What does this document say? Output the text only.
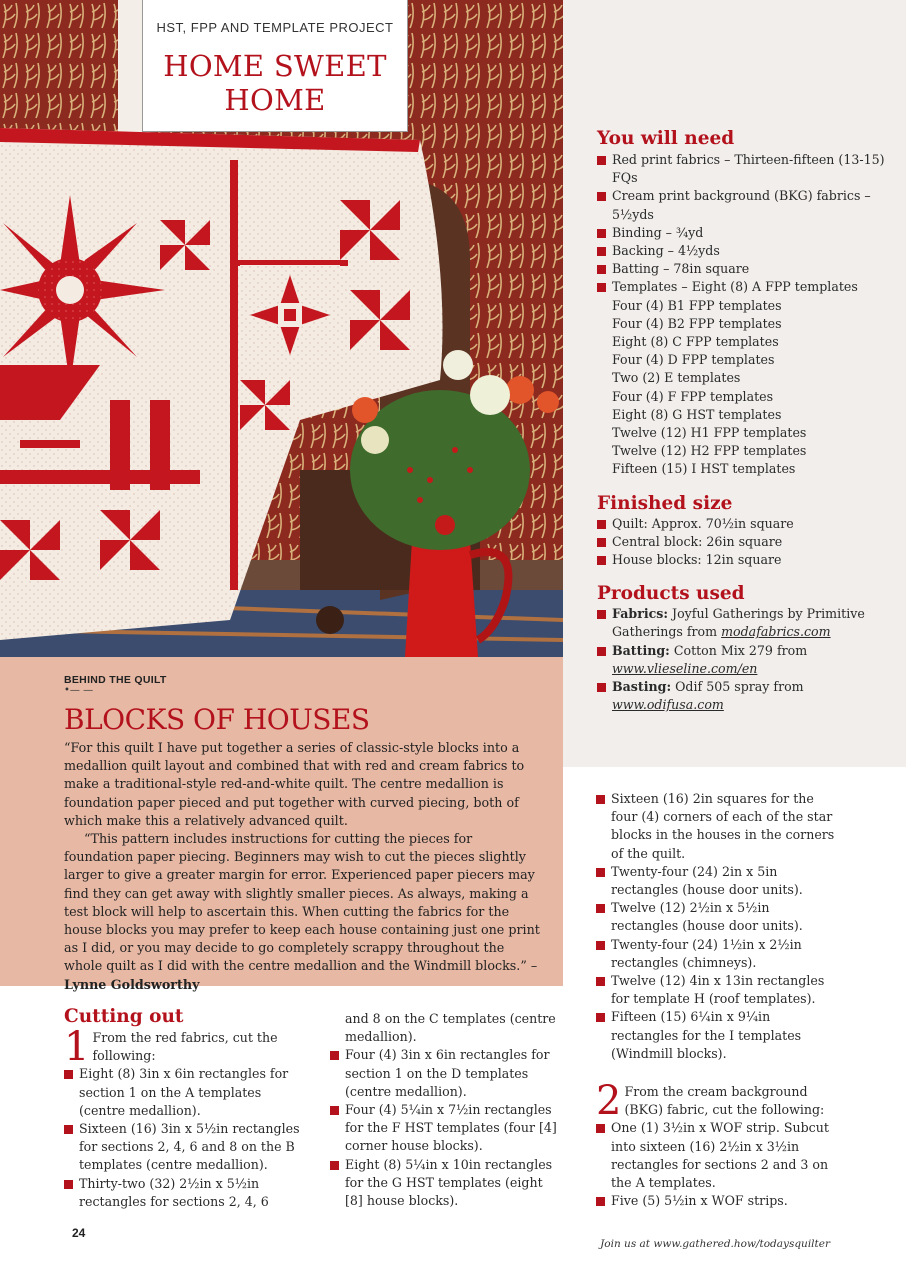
HST, FPP AND TEMPLATE PROJECT
HOME SWEET
HOME
You will need
Red print fabrics – Thirteen-fifteen (13-15) FQs
Cream print background (BKG) fabrics – 5½yds
Binding – ¾yd
Backing – 4½yds
Batting – 78in square
Templates – Eight (8) A FPP templates
Four (4) B1 FPP templates
Four (4) B2 FPP templates
Eight (8) C FPP templates
Four (4) D FPP templates
Two (2) E templates
Four (4) F FPP templates
Eight (8) G HST templates
Twelve (12) H1 FPP templates
Twelve (12) H2 FPP templates
Fifteen (15) I HST templates
Finished size
Quilt: Approx. 70½in square
Central block: 26in square
House blocks: 12in square
Products used
Fabrics: Joyful Gatherings by Primitive Gatherings from modafabrics.com
Batting: Cotton Mix 279 from www.vlieseline.com/en
Basting: Odif 505 spray from www.odifusa.com
BEHIND THE QUILT
•— —
BLOCKS OF HOUSES

“For this quilt I have put together a series of classic-style blocks into a medallion quilt layout and combined that with red and cream fabrics to make a traditional-style red-and-white quilt. The centre medallion is foundation paper pieced and put together with curved piecing, both of which make this a relatively advanced quilt.

“This pattern includes instructions for cutting the pieces for foundation paper piecing. Beginners may wish to cut the pieces slightly larger to give a greater margin for error. Experienced paper piecers may find they can get away with slightly smaller pieces. As always, making a test block will help to ascertain this. When cutting the fabrics for the house blocks you may prefer to keep each house containing just one print as I did, or you may decide to go completely scrappy throughout the whole quilt as I did with the centre medallion and the Windmill blocks.” – Lynne Goldsworthy

Cutting out
1 From the red fabrics, cut the following:
Eight (8) 3in x 6in rectangles for section 1 on the A templates (centre medallion).
Sixteen (16) 3in x 5½in rectangles for sections 2, 4, 6 and 8 on the B templates (centre medallion).
Thirty-two (32) 2½in x 5½in rectangles for sections 2, 4, 6
and 8 on the C templates (centre medallion).
Four (4) 3in x 6in rectangles for section 1 on the D templates (centre medallion).
Four (4) 5¼in x 7½in rectangles for the F HST templates (four [4] corner house blocks).
Eight (8) 5¼in x 10in rectangles for the G HST templates (eight [8] house blocks).
Sixteen (16) 2in squares for the four (4) corners of each of the star blocks in the houses in the corners of the quilt.
Twenty-four (24) 2in x 5in rectangles (house door units).
Twelve (12) 2½in x 5½in rectangles (house door units).
Twenty-four (24) 1½in x 2½in rectangles (chimneys).
Twelve (12) 4in x 13in rectangles for template H (roof templates).
Fifteen (15) 6¼in x 9¼in rectangles for the I templates (Windmill blocks).
2 From the cream background (BKG) fabric, cut the following:
One (1) 3½in x WOF strip. Subcut into sixteen (16) 2½in x 3½in rectangles for sections 2 and 3 on the A templates.
Five (5) 5½in x WOF strips.
24
Join us at www.gathered.how/todaysquilter
